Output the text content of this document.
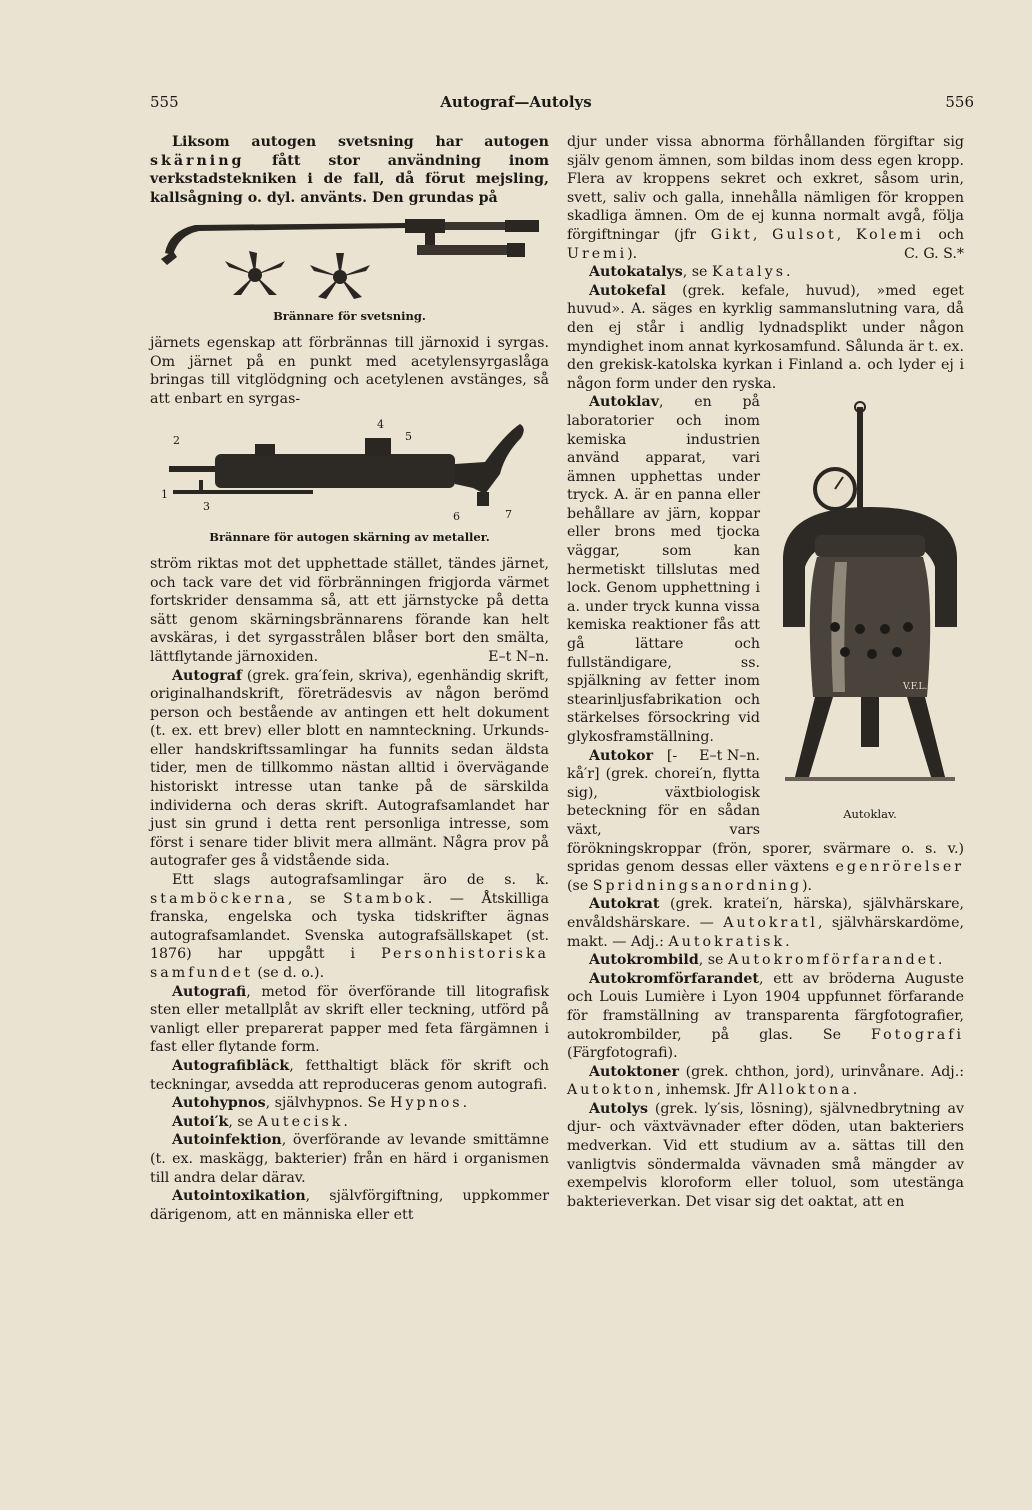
555	Autograf—Autolys	556

Liksom autogen svetsning har autogen skärning fått stor användning inom verkstadstekniken i de fall, då förut mejsling, kallsågning o. dyl. använts. Den grundas på

Brännare för svetsning.

järnets egenskap att förbrännas till järnoxid i syrgas. Om järnet på en punkt med acetylensyrgaslåga bringas till vitglödgning och acetylenen avstänges, så att enbart en syrgas-

2
1
3
4
5
6	7
Brännare för autogen skärning av metaller.

ström riktas mot det upphettade stället, tändes järnet, och tack vare det vid förbränningen frigjorda värmet fortskrider densamma så, att ett järnstycke på detta sätt genom skärningsbrännarens förande kan helt avskäras, i det syrgasstrålen blåser bort den smälta, lättflytande järnoxiden.	E–t N–n.

Autograf (grek. gra′fein, skriva), egenhändig skrift, originalhandskrift, företrädesvis av någon berömd person och bestående av antingen ett helt dokument (t. ex. ett brev) eller blott en namnteckning. Urkunds- eller handskriftssamlingar ha funnits sedan äldsta tider, men de tillkommo nästan alltid i övervägande historiskt intresse utan tanke på de särskilda individerna och deras skrift. Autografsamlandet har just sin grund i detta rent personliga intresse, som först i senare tider blivit mera allmänt. Några prov på autografer ges å vidstående sida.

Ett slags autografsamlingar äro de s. k. stamböckerna, se Stambok. — Åtskilliga franska, engelska och tyska tidskrifter ägnas autografsamlandet. Svenska autografsällskapet (st. 1876) har uppgått i Personhistoriska samfundet (se d. o.).

Autografi, metod för överförande till litografisk sten eller metallplåt av skrift eller teckning, utförd på vanligt eller preparerat papper med feta färgämnen i fast eller flytande form.

Autografibläck, fetthaltigt bläck för skrift och teckningar, avsedda att reproduceras genom autografi.

Autohypnos, självhypnos. Se Hypnos.

Autoi′k, se Autecisk.

Autoinfektion, överförande av levande smittämne (t. ex. maskägg, bakterier) från en härd i organismen till andra delar därav.

Autointoxikation, självförgiftning, uppkommer därigenom, att en människa eller ett

djur under vissa abnorma förhållanden förgiftar sig själv genom ämnen, som bildas inom dess egen kropp. Flera av kroppens sekret och exkret, såsom urin, svett, saliv och galla, innehålla nämligen för kroppen skadliga ämnen. Om de ej kunna normalt avgå, följa förgiftningar (jfr Gikt, Gulsot, Kolemi och Uremi).	C. G. S.*

Autokatalys, se Katalys.

Autokefal (grek. kefale, huvud), »med eget huvud». A. säges en kyrklig sammanslutning vara, då den ej står i andlig lydnadsplikt under någon myndighet inom annat kyrkosamfund. Sålunda är t. ex. den grekisk-katolska kyrkan i Finland a. och lyder ej i någon form under den ryska.

V.F.L.
Autoklav.

Autoklav, en på laboratorier och inom kemiska industrien använd apparat, vari ämnen upphettas under tryck. A. är en panna eller behållare av järn, koppar eller brons med tjocka väggar, som kan hermetiskt tillslutas med lock. Genom upphettning i a. under tryck kunna vissa kemiska reaktioner fås att gå lättare och fullständigare, ss. spjälkning av fetter inom stearinljusfabrikation och stärkelses försockring vid glykosframställning.
E–t N–n.

Autokor [-kå′r] (grek. chorei′n, flytta sig), växtbiologisk beteckning för en sådan växt, vars förökningskroppar (frön, sporer, svärmare o. s. v.) spridas genom dessas eller växtens egenrörelser (se Spridningsanordning).

Autokrat (grek. kratei′n, härska), självhärskare, envåldshärskare. — Autokratl, självhärskardöme, makt. — Adj.: Autokratisk.

Autokrombild, se Autokromförfarandet.

Autokromförfarandet, ett av bröderna Auguste och Louis Lumière i Lyon 1904 uppfunnet förfarande för framställning av transparenta färgfotografier, autokrombilder, på glas. Se Fotografi (Färgfotografi).

Autoktoner (grek. chthon, jord), urinvånare. Adj.: Autokton, inhemsk. Jfr Alloktona.

Autolys (grek. ly′sis, lösning), självnedbrytning av djur- och växtvävnader efter döden, utan bakteriers medverkan. Vid ett studium av a. sättas till den vanligtvis söndermalda vävnaden små mängder av exempelvis kloroform eller toluol, som utestänga bakterieverkan. Det visar sig det oaktat, att en
